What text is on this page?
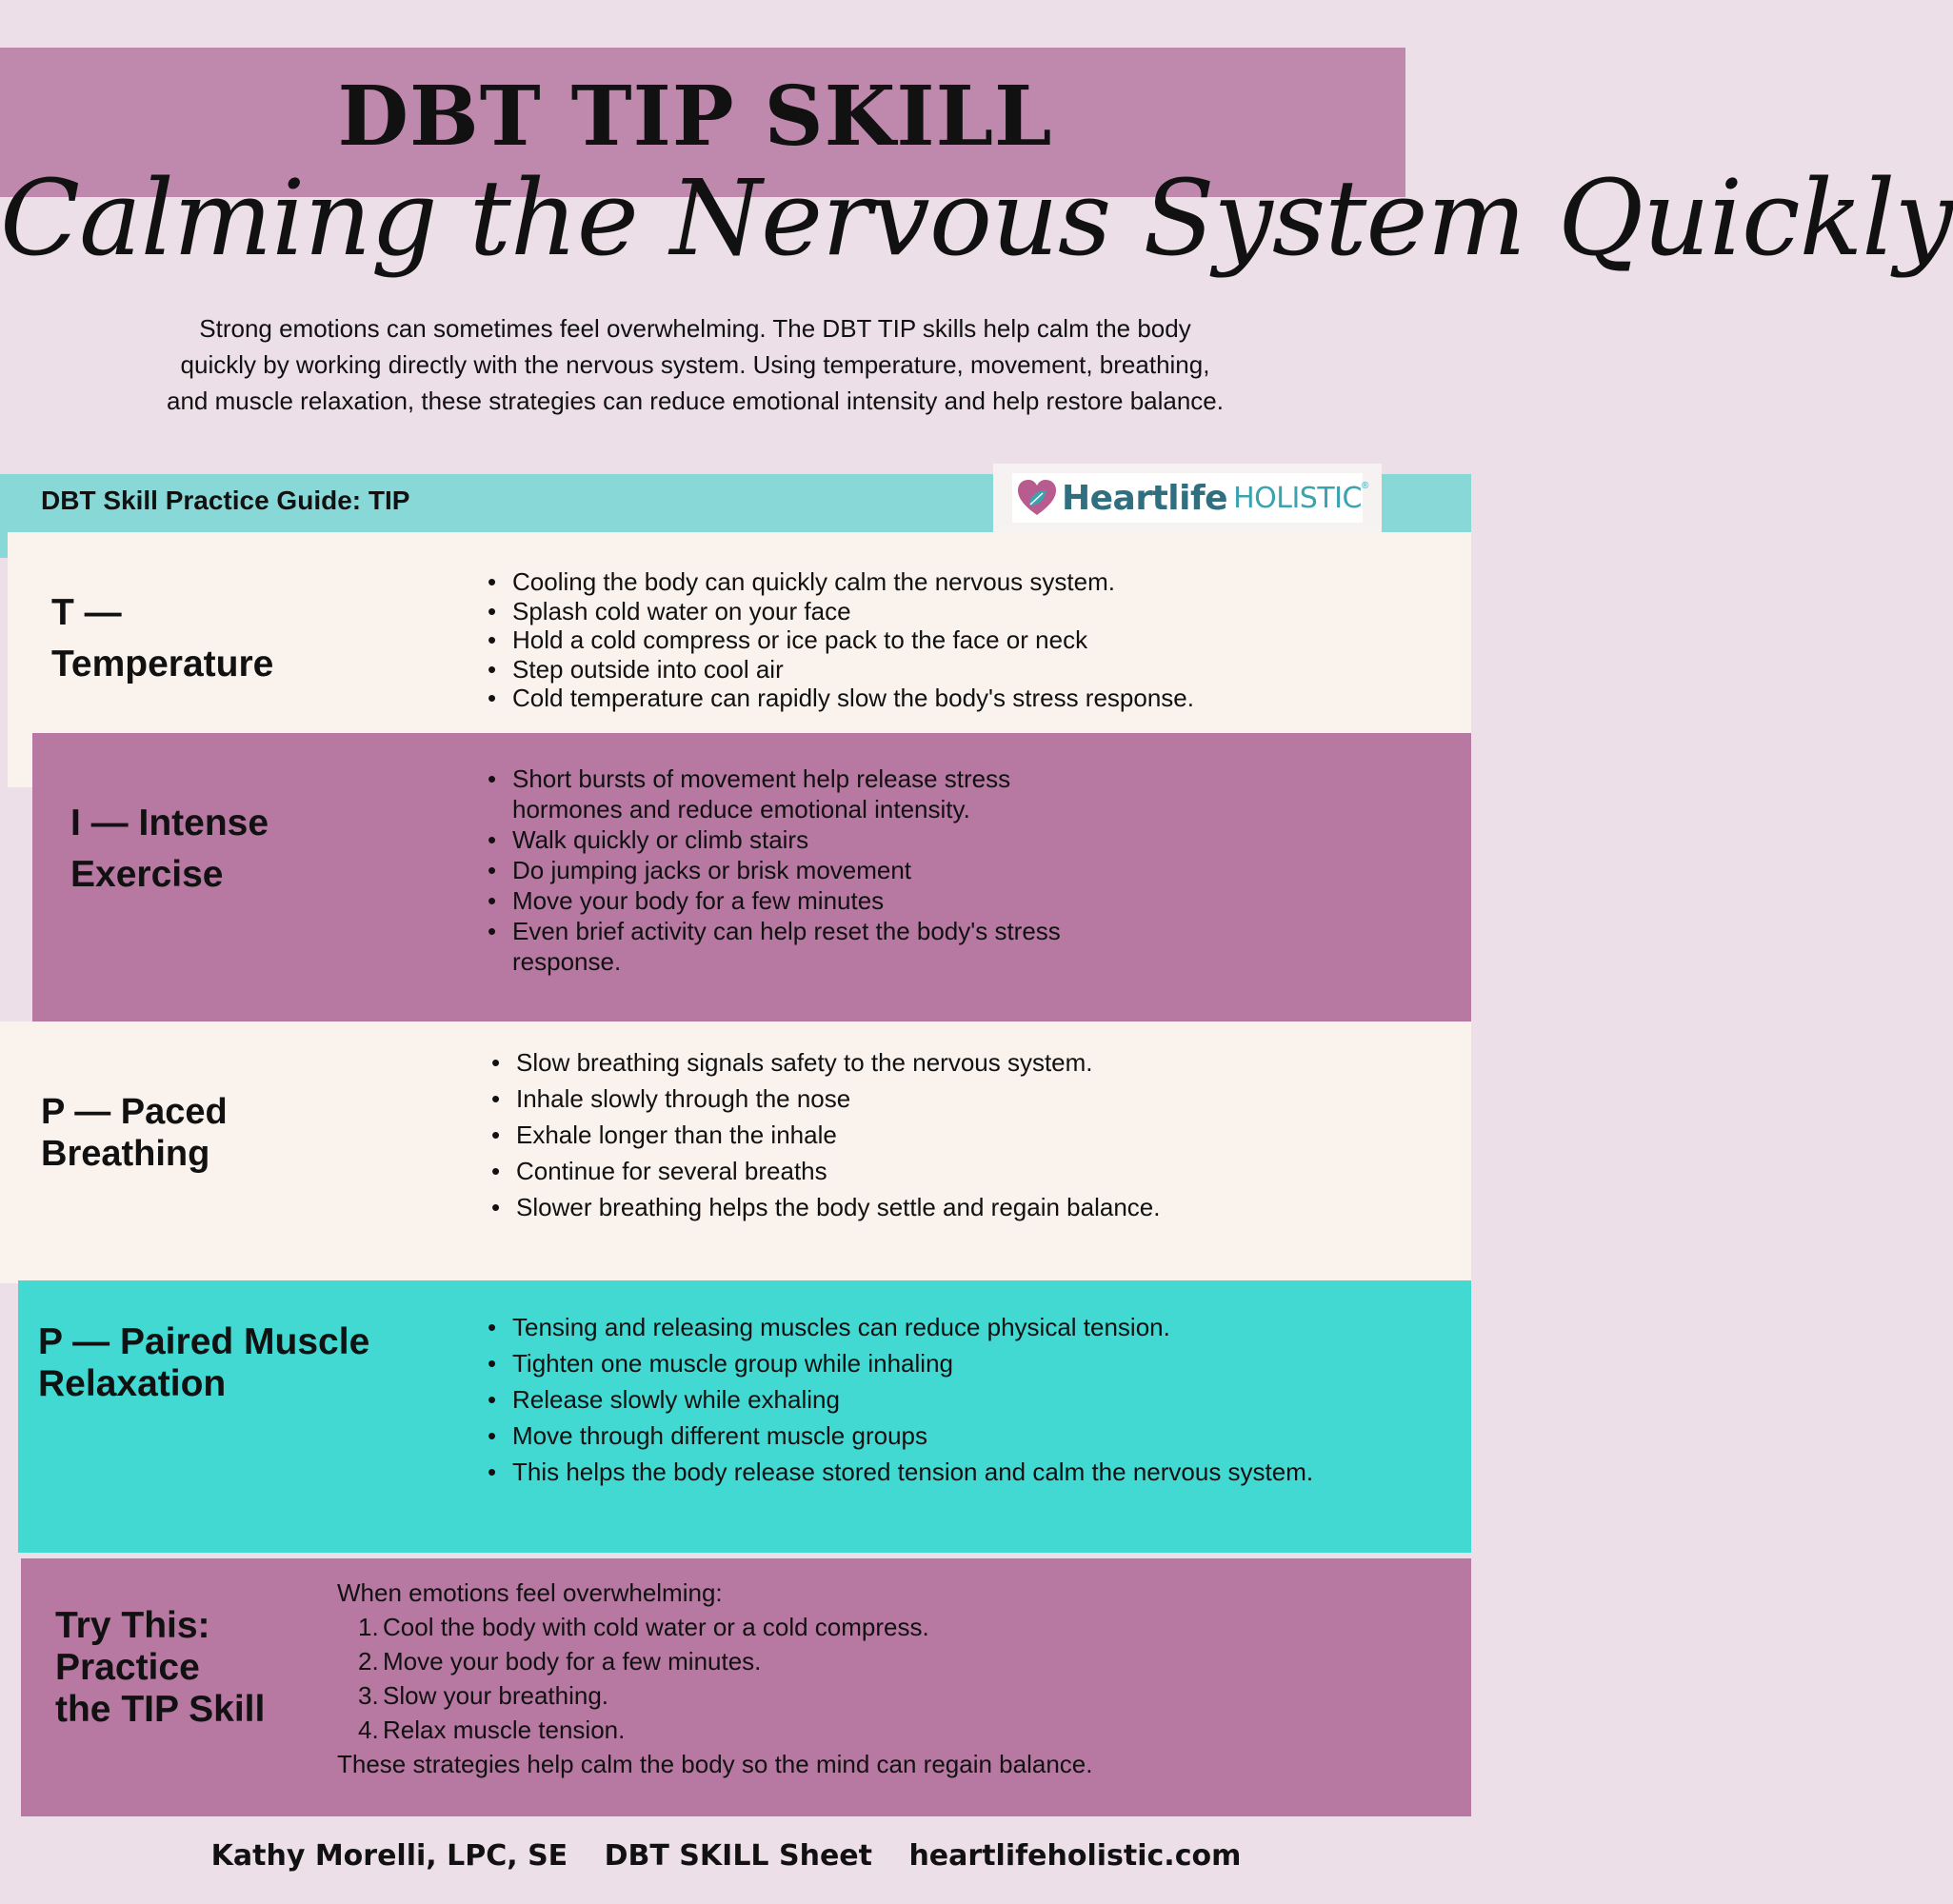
DBT TIP SKILL
Calming the Nervous System Quickly
Strong emotions can sometimes feel overwhelming. The DBT TIP skills help calm the body
quickly by working directly with the nervous system. Using temperature, movement, breathing,
and muscle relaxation, these strategies can reduce emotional intensity and help restore balance.
DBT Skill Practice Guide: TIP	Heartlife HOLISTIC ®
T —
Temperature
• Cooling the body can quickly calm the nervous system.
• Splash cold water on your face
• Hold a cold compress or ice pack to the face or neck
• Step outside into cool air
• Cold temperature can rapidly slow the body's stress response.
I — Intense
Exercise
• Short bursts of movement help release stress hormones and reduce emotional intensity.
• Walk quickly or climb stairs
• Do jumping jacks or brisk movement
• Move your body for a few minutes
• Even brief activity can help reset the body's stress response.
P — Paced
Breathing
• Slow breathing signals safety to the nervous system.
• Inhale slowly through the nose
• Exhale longer than the inhale
• Continue for several breaths
• Slower breathing helps the body settle and regain balance.
P — Paired Muscle
Relaxation
• Tensing and releasing muscles can reduce physical tension.
• Tighten one muscle group while inhaling
• Release slowly while exhaling
• Move through different muscle groups
• This helps the body release stored tension and calm the nervous system.
Try This:
Practice
the TIP Skill
When emotions feel overwhelming:
1. Cool the body with cold water or a cold compress.
2. Move your body for a few minutes.
3. Slow your breathing.
4. Relax muscle tension.
These strategies help calm the body so the mind can regain balance.
Kathy Morelli, LPC, SE DBT SKILL Sheet heartlifeholistic.com
